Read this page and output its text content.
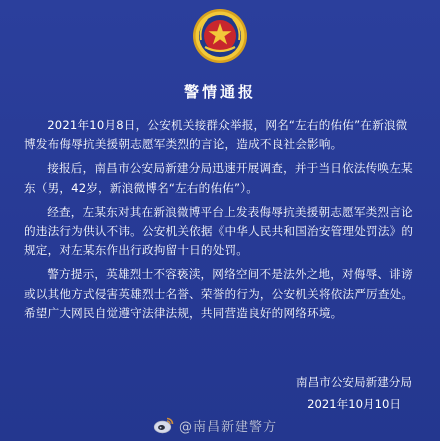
警情通报

2021年10月8日，公安机关接群众举报，网名“左右的佑佑”在新浪微博发布侮辱抗美援朝志愿军类烈的言论，造成不良社会影响。

接报后，南昌市公安局新建分局迅速开展调查，并于当日依法传唤左某东（男，42岁，新浪微博名“左右的佑佑”）。

经查，左某东对其在新浪微博平台上发表侮辱抗美援朝志愿军类烈言论的违法行为供认不讳。公安机关依据《中华人民共和国治安管理处罚法》的规定，对左某东作出行政拘留十日的处罚。

警方提示，英雄烈士不容亵渎，网络空间不是法外之地，对侮辱、诽谤或以其他方式侵害英雄烈士名誉、荣誉的行为，公安机关将依法严厉查处。希望广大网民自觉遵守法律法规，共同营造良好的网络环境。

南昌市公安局新建分局
2021年10月10日
@南昌新建警方
